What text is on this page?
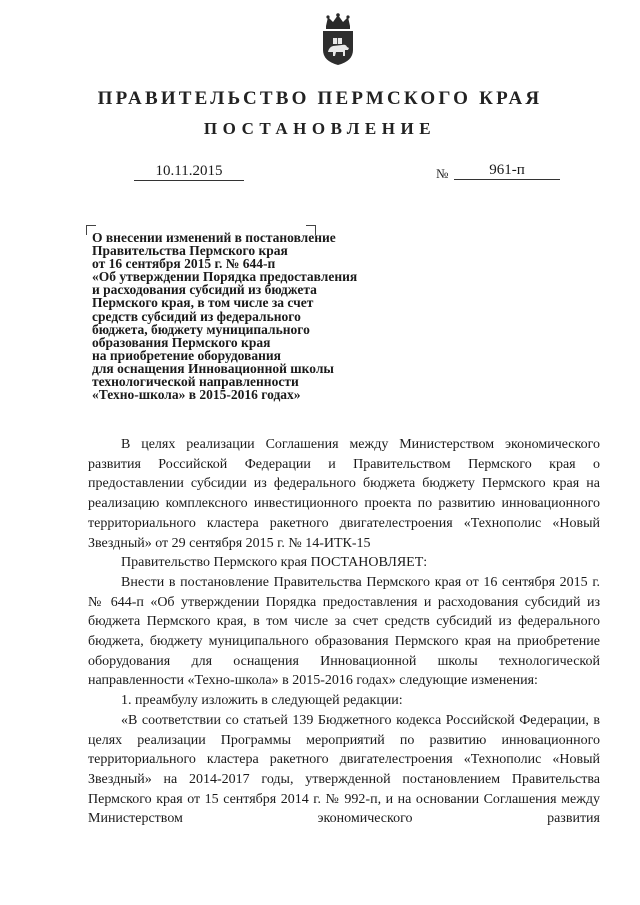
ПРАВИТЕЛЬСТВО ПЕРМСКОГО КРАЯ
ПОСТАНОВЛЕНИЕ
10.11.2015	№	961-п
О внесении изменений в постановление
Правительства Пермского края
от 16 сентября 2015 г. № 644-п
«Об утверждении Порядка предоставления
и расходования субсидий из бюджета
Пермского края, в том числе за счет
средств субсидий из федерального
бюджета, бюджету муниципального
образования Пермского края
на приобретение оборудования
для оснащения Инновационной школы
технологической направленности
«Техно-школа» в 2015-2016 годах»

В целях реализации Соглашения между Министерством экономического развития Российской Федерации и Правительством Пермского края о предоставлении субсидии из федерального бюджета бюджету Пермского края на реализацию комплексного инвестиционного проекта по развитию инновационного территориального кластера ракетного двигателестроения «Технополис «Новый Звездный» от 29 сентября 2015 г. № 14-ИТК-15

Правительство Пермского края ПОСТАНОВЛЯЕТ:

Внести в постановление Правительства Пермского края от 16 сентября 2015 г. № 644-п «Об утверждении Порядка предоставления и расходования субсидий из бюджета Пермского края, в том числе за счет средств субсидий из федерального бюджета, бюджету муниципального образования Пермского края на приобретение оборудования для оснащения Инновационной школы технологической направленности «Техно-школа» в 2015-2016 годах» следующие изменения:

1. преамбулу изложить в следующей редакции:

«В соответствии со статьей 139 Бюджетного кодекса Российской Федерации, в целях реализации Программы мероприятий по развитию инновационного территориального кластера ракетного двигателестроения «Технополис «Новый Звездный» на 2014-2017 годы, утвержденной постановлением Правительства Пермского края от 15 сентября 2014 г. № 992-п, и на основании Соглашения между Министерством экономического развития
